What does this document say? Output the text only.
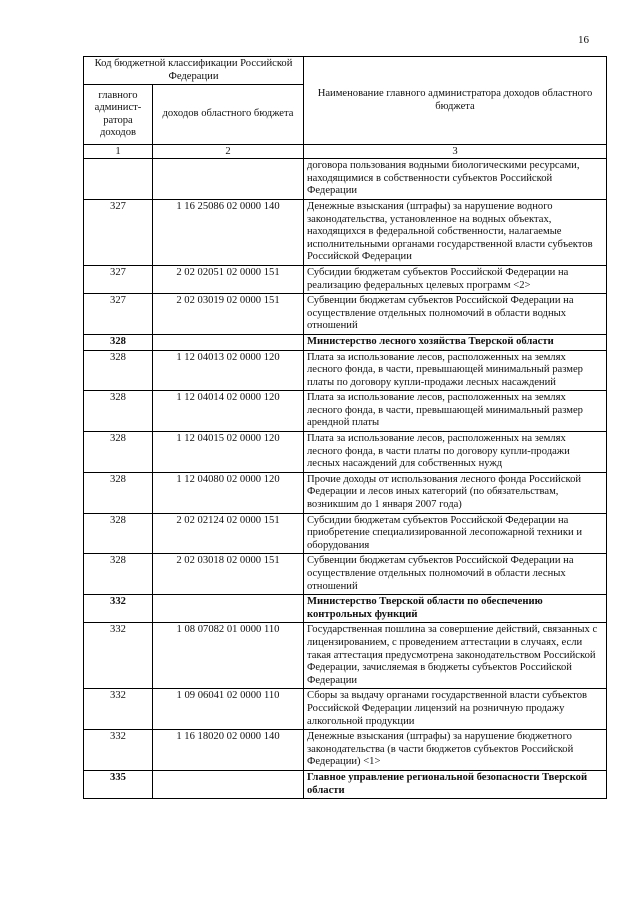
16
Код бюджетной классификации Российской Федерации		Наименование главного администратора доходов областного бюджета
главного админист-ратора доходов	доходов областного бюджета	
1	2	3
		договора пользования водными биологическими ресурсами, находящимися в собственности субъектов Российской Федерации
327	1 16 25086 02 0000 140	Денежные взыскания (штрафы) за нарушение водного законодательства, установленное на водных объектах, находящихся в федеральной собственности, налагаемые исполнительными органами государственной власти субъектов Российской Федерации
327	2 02 02051 02 0000 151	Субсидии бюджетам субъектов Российской Федерации на реализацию федеральных целевых программ <2>
327	2 02 03019 02 0000 151	Субвенции бюджетам субъектов Российской Федерации на осуществление отдельных полномочий в области водных отношений
328		Министерство лесного хозяйства Тверской области
328	1 12 04013 02 0000 120	Плата за использование лесов, расположенных на землях лесного фонда, в части, превышающей минимальный размер платы по договору купли-продажи лесных насаждений
328	1 12 04014 02 0000 120	Плата за использование лесов, расположенных на землях лесного фонда, в части, превышающей минимальный размер арендной платы
328	1 12 04015 02 0000 120	Плата за использование лесов, расположенных на землях лесного фонда, в части платы по договору купли-продажи лесных насаждений для собственных нужд
328	1 12 04080 02 0000 120	Прочие доходы от использования лесного фонда Российской Федерации и лесов иных категорий (по обязательствам, возникшим до 1 января 2007 года)
328	2 02 02124 02 0000 151	Субсидии бюджетам субъектов Российской Федерации на приобретение специализированной лесопожарной техники и оборудования
328	2 02 03018 02 0000 151	Субвенции бюджетам субъектов Российской Федерации на осуществление отдельных полномочий в области лесных отношений
332		Министерство Тверской области по обеспечению контрольных функций
332	1 08 07082 01 0000 110	Государственная пошлина за совершение действий, связанных с лицензированием, с проведением аттестации в случаях, если такая аттестация предусмотрена законодательством Российской Федерации, зачисляемая в бюджеты субъектов Российской Федерации
332	1 09 06041 02 0000 110	Сборы за выдачу органами государственной власти субъектов Российской Федерации лицензий на розничную продажу алкогольной продукции
332	1 16 18020 02 0000 140	Денежные взыскания (штрафы) за нарушение бюджетного законодательства (в части бюджетов субъектов Российской Федерации) <1>
335		Главное управление региональной безопасности Тверской области
